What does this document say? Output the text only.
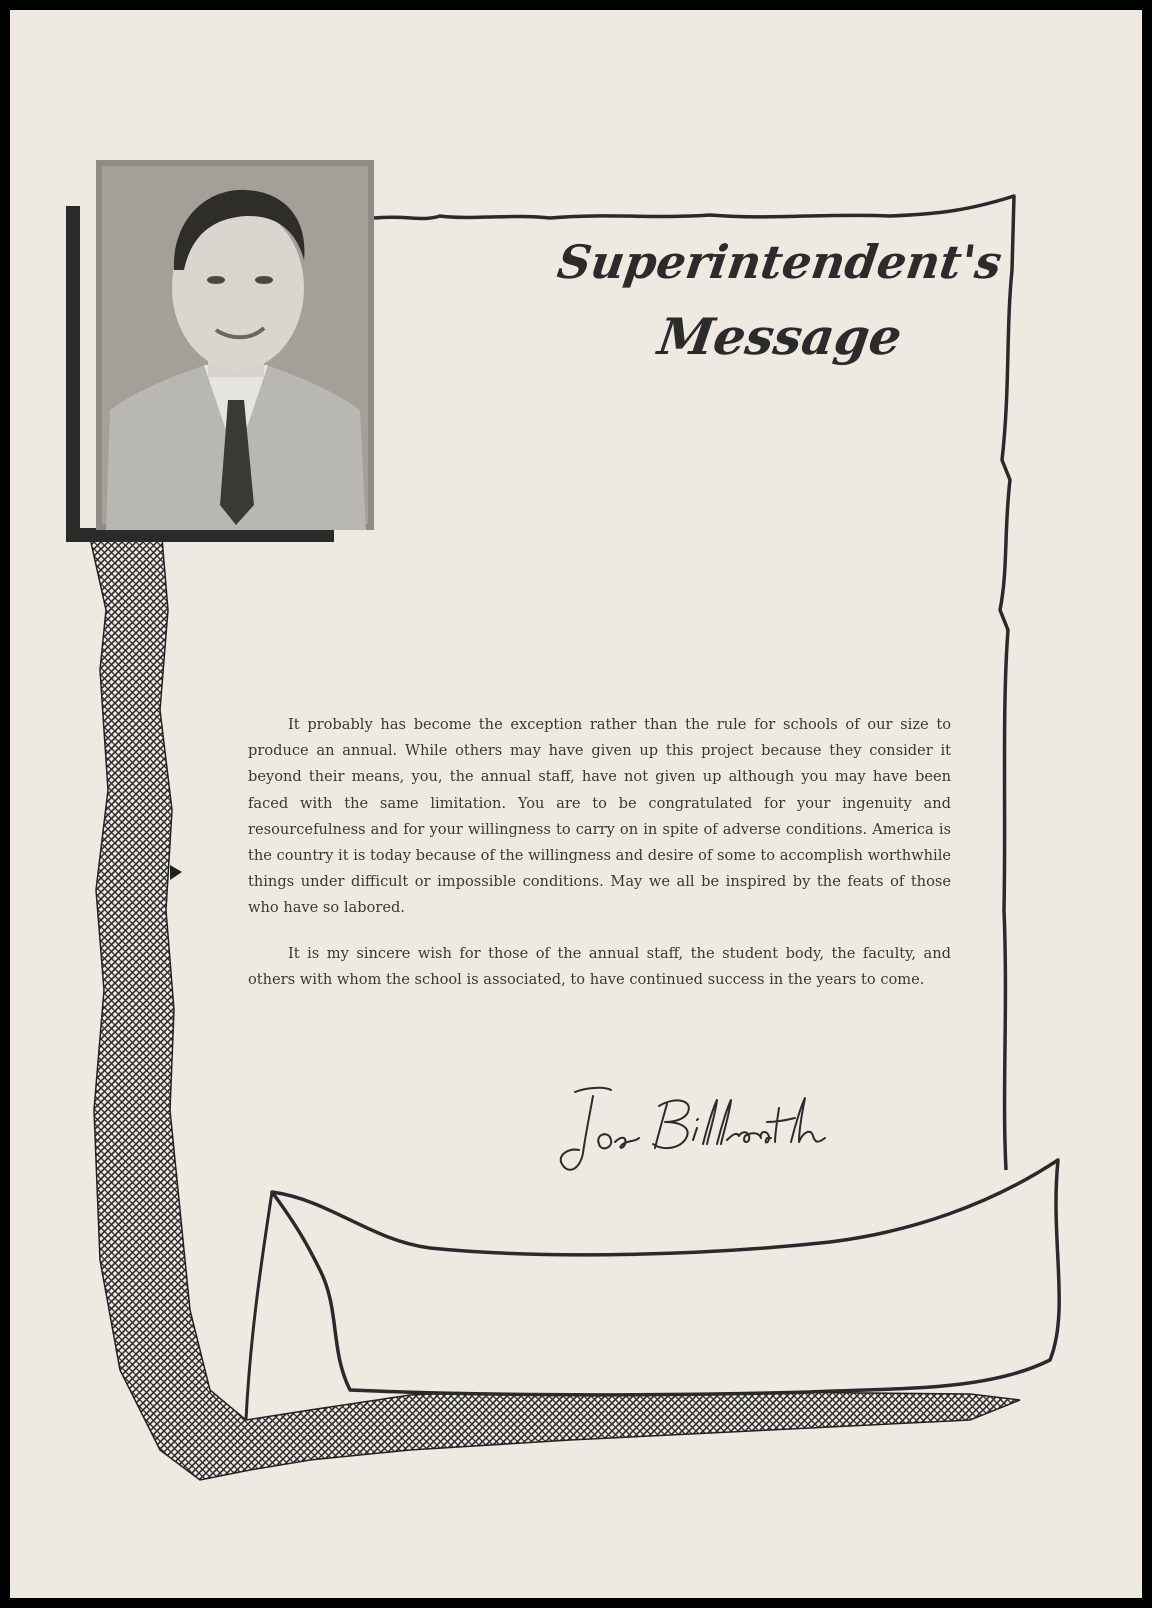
Superintendent's
Message

It probably has become the exception rather than the rule for schools of our size to produce an annual. While others may have given up this project because they consider it beyond their means, you, the annual staff, have not given up although you may have been faced with the same limitation. You are to be congratulated for your ingenuity and resourcefulness and for your willingness to carry on in spite of adverse conditions. America is the country it is today because of the willingness and desire of some to accomplish worthwhile things under difficult or impossible conditions. May we all be inspired by the feats of those who have so labored.

It is my sincere wish for those of the annual staff, the student body, the faculty, and others with whom the school is associated, to have continued success in the years to come.
